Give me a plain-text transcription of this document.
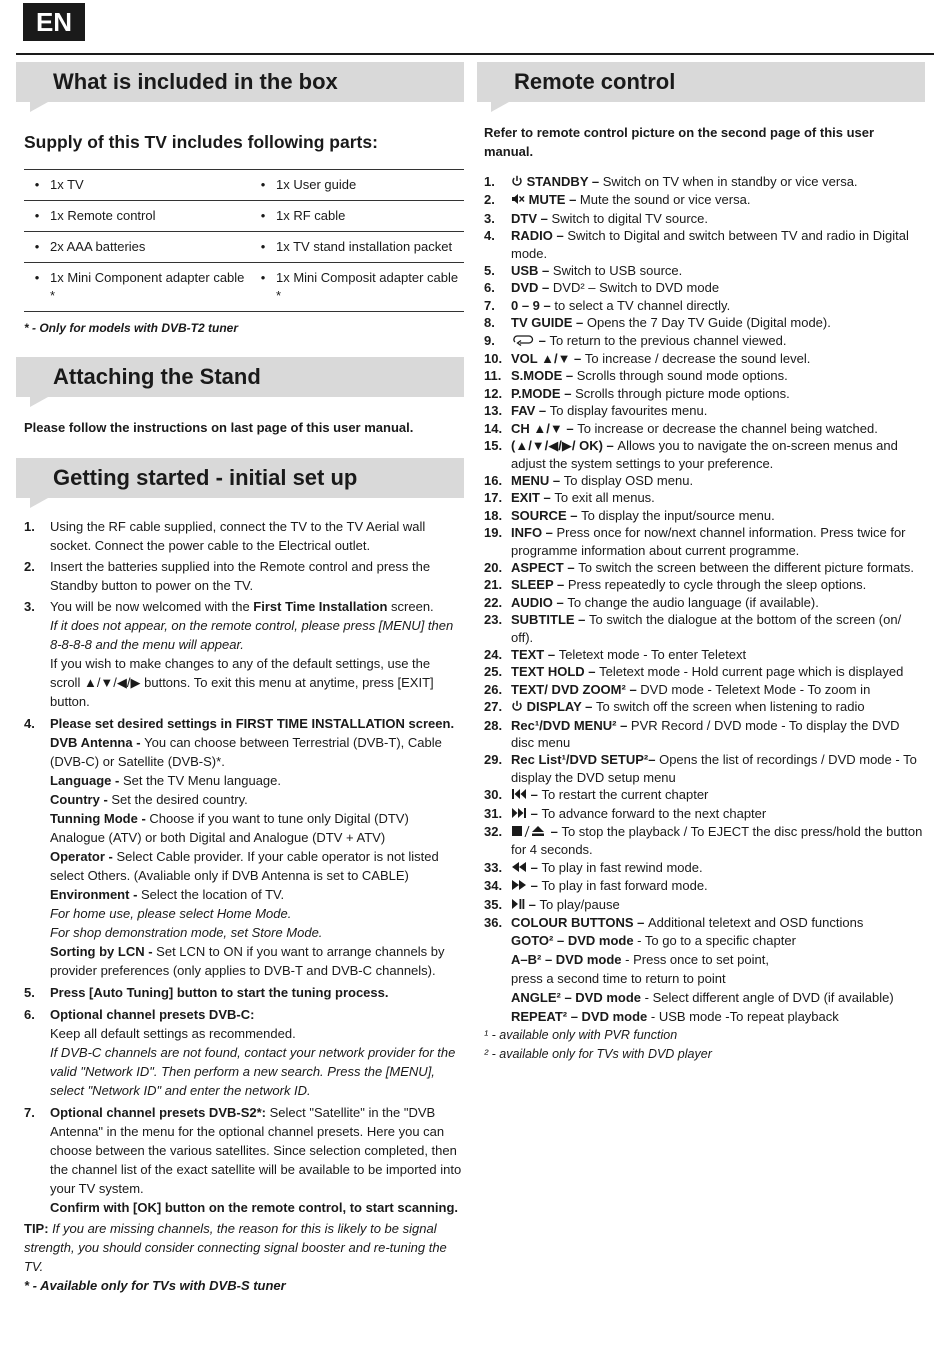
EN
What is included in the box
Supply of this TV includes following parts:
•	1x TV	•	1x User guide
•	1x Remote control	•	1x RF cable
•	2x AAA batteries	•	1x TV stand installation packet
•	1x Mini Component adapter cable *	•	1x Mini Composit adapter cable *
* - Only for models with DVB-T2 tuner
Attaching the Stand
Please follow the instructions on last page of this user manual.
Getting started - initial set up
1. Using the RF cable supplied, connect the TV to the TV Aerial wall socket. Connect the power cable to the Electrical outlet.
2. Insert the batteries supplied into the Remote control and press the Standby button to power on the TV.
3. You will be now welcomed with the First Time Installation screen.
If it does not appear, on the remote control, please press [MENU] then 8-8-8-8 and the menu will appear.
If you wish to make changes to any of the default settings, use the scroll ▲/▼/◀/▶ buttons. To exit this menu at anytime, press [EXIT] button.
4. Please set desired settings in FIRST TIME INSTALLATION screen.
DVB Antenna - You can choose between Terrestrial (DVB-T), Cable (DVB-C) or Satellite (DVB-S)*.
Language - Set the TV Menu language.
Country - Set the desired country.
Tunning Mode - Choose if you want to tune only Digital (DTV) Analogue (ATV) or both Digital and Analogue (DTV + ATV)
Operator - Select Cable provider. If your cable operator is not listed select Others. (Avaliable only if DVB Antenna is set to CABLE)
Environment - Select the location of TV.
For home use, please select Home Mode.
For shop demonstration mode, set Store Mode.
Sorting by LCN - Set LCN to ON if you want to arrange channels by provider preferences (only applies to DVB-T and DVB-C channels).
5. Press [Auto Tuning] button to start the tuning process.
6. Optional channel presets DVB-C:
Keep all default settings as recommended.
If DVB-C channels are not found, contact your network provider for the valid "Network ID". Then perform a new search. Press the [MENU], select "Network ID" and enter the network ID.
7. Optional channel presets DVB-S2*: Select "Satellite" in the "DVB Antenna" in the menu for the optional channel presets. Here you can choose between the various satellites. Since selection completed, then the channel list of the exact satellite will be available to be imported into your TV system.
Confirm with [OK] button on the remote control, to start scanning.
TIP: If you are missing channels, the reason for this is likely to be signal strength, you should consider connecting signal booster and re-tuning the TV.
* - Available only for TVs with DVB-S tuner
Remote control
Refer to remote control picture on the second page of this user manual.
1. STANDBY – Switch on TV when in standby or vice versa.
2.	MUTE – Mute the sound or vice versa.
3. DTV – Switch to digital TV source.
4. RADIO – Switch to Digital and switch between TV and radio in Digital mode.
5. USB – Switch to USB source.
6. DVD – DVD² – Switch to DVD mode
7. 0 – 9 – to select a TV channel directly.
8. TV GUIDE – Opens the 7 Day TV Guide (Digital mode).
9.	– To return to the previous channel viewed.
10. VOL ▲/▼ – To increase / decrease the sound level.
11. S.MODE – Scrolls through sound mode options.
12. P.MODE – Scrolls through picture mode options.
13. FAV – To display favourites menu.
14. CH ▲/▼ – To increase or decrease the channel being watched.
15. (▲/▼/◀/▶/ OK) – Allows you to navigate the on-screen menus and adjust the system settings to your preference.
16. MENU – To display OSD menu.
17. EXIT – To exit all menus.
18. SOURCE – To display the input/source menu.
19. INFO – Press once for now/next channel information. Press twice for programme information about current programme.
20. ASPECT – To switch the screen between the different picture formats.
21. SLEEP – Press repeatedly to cycle through the sleep options.
22. AUDIO – To change the audio language (if available).
23. SUBTITLE – To switch the dialogue at the bottom of the screen (on/ off).
24. TEXT – Teletext mode - To enter Teletext
25. TEXT HOLD – Teletext mode - Hold current page which is displayed
26. TEXT/ DVD ZOOM² – DVD mode - Teletext Mode - To zoom in
27. DISPLAY – To switch off the screen when listening to radio
28. Rec¹/DVD MENU² – PVR Record / DVD mode - To display the DVD disc menu
29. Rec List¹/DVD SETUP²– Opens the list of recordings / DVD mode - To display the DVD setup menu
30. – To restart the current chapter
31. – To advance forward to the next chapter
32.	– To stop the playback / To EJECT the disc press/hold the button for 4 seconds.
33. – To play in fast rewind mode.
34. – To play in fast forward mode.
35. – To play/pause
36. COLOUR BUTTONS – Additional teletext and OSD functions
GOTO² – DVD mode - To go to a specific chapter
A–B² – DVD mode - Press once to set point,
press a second time to return to point
ANGLE² – DVD mode - Select different angle of DVD (if available)
REPEAT² – DVD mode - USB mode -To repeat playback
¹ - available only with PVR function
² - available only for TVs with DVD player
